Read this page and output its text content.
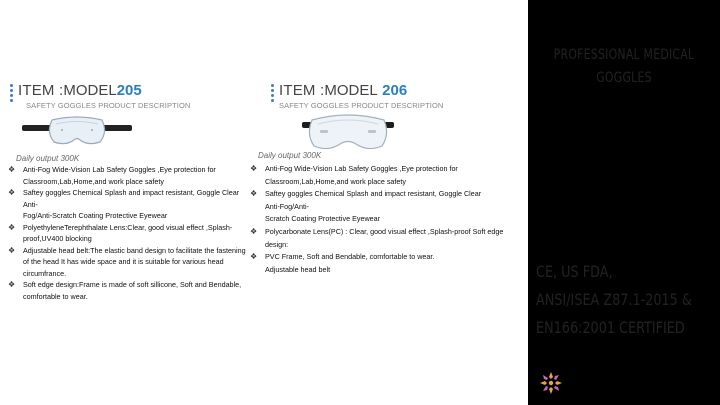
ITEM :MODEL205
SAFETY GOGGLES PRODUCT DESCRIPTION
Daily output 300K
❖ Anti-Fog Wide-Vision Lab Safety Goggles ,Eye protection for
Classroom,Lab,Home,and work place safety
❖ Saftey goggles Chemical Splash and impact resistant, Goggle Clear Anti-
Fog/Anti-Scratch Coating Protective Eyewear
❖ PolyethyleneTerephthalate Lens:Clear, good visual effect ,Splash-
proof,UV400 blocking
❖ Adjustable head belt:The elastic band design to facilitate the fastening
of the head It has wide space and it is suitable for various head
circumfrance.
❖ Soft edge design:Frame is made of soft sillicone, Soft and Bendable,
comfortable to wear.
ITEM :MODEL 206
SAFETY GOGGLES PRODUCT DESCRIPTION
Daily output 300K
❖ Anti-Fog Wide-Vision Lab Safety Goggles ,Eye protection for
Classroom,Lab,Home,and work place safety
❖ Saftey goggles Chemical Splash and impact resistant, Goggle Clear
Anti-Fog/Anti-
Scratch Coating Protective Eyewear
❖ Polycarbonate Lens(PC) : Clear, good visual effect ,Splash-proof Soft edge
design:
❖ PVC Frame, Soft and Bendable, comfortable to wear.
Adjustable head belt
PROFESSIONAL MEDICAL
GOGGLES
CE, US FDA,
ANSI/ISEA Z87.1-2015 &
EN166:2001 CERTIFIED
